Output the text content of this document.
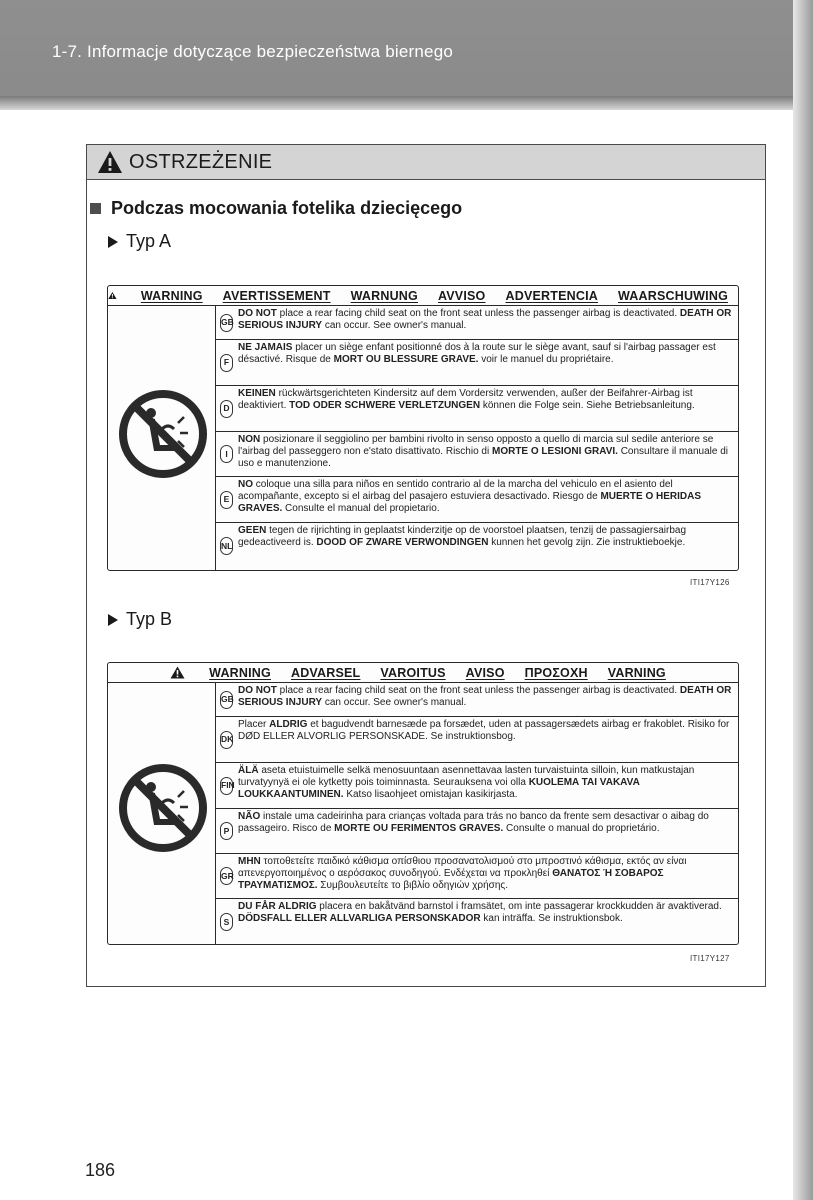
1-7. Informacje dotyczące bezpieczeństwa biernego
OSTRZEŻENIE
Podczas mocowania fotelika dziecięcego
Typ A
WARNING AVERTISSEMENT WARNUNG AVVISO ADVERTENCIA WAARSCHUWING
GB
DO NOT place a rear facing child seat on the front seat unless the passenger airbag is deactivated. DEATH OR SERIOUS INJURY can occur. See owner's manual.
F
NE JAMAIS placer un siège enfant positionné dos à la route sur le siège avant, sauf si l'airbag passager est désactivé. Risque de MORT OU BLESSURE GRAVE. voir le manuel du propriétaire.
D
KEINEN rückwärtsgerichteten Kindersitz auf dem Vordersitz verwenden, außer der Beifahrer-Airbag ist deaktiviert. TOD ODER SCHWERE VERLETZUNGEN können die Folge sein. Siehe Betriebsanleitung.
I
NON posizionare il seggiolino per bambini rivolto in senso opposto a quello di marcia sul sedile anteriore se l'airbag del passeggero non e'stato disattivato. Rischio di MORTE O LESIONI GRAVI. Consultare il manuale di uso e manutenzione.
E
NO coloque una silla para niños en sentido contrario al de la marcha del vehiculo en el asiento del acompañante, excepto si el airbag del pasajero estuviera desactivado. Riesgo de MUERTE O HERIDAS GRAVES. Consulte el manual del propietario.
NL
GEEN tegen de rijrichting in geplaatst kinderzitje op de voorstoel plaatsen, tenzij de passagiersairbag gedeactiveerd is. DOOD OF ZWARE VERWONDINGEN kunnen het gevolg zijn. Zie instruktieboekje.
ITI17Y126
Typ B
WARNING ADVARSEL VAROITUS AVISO ΠΡΟΣΟΧΗ VARNING
GB
DO NOT place a rear facing child seat on the front seat unless the passenger airbag is deactivated. DEATH OR SERIOUS INJURY can occur. See owner's manual.
DK
Placer ALDRIG et bagudvendt barnesæde pa forsædet, uden at passagersædets airbag er frakoblet. Risiko for DØD ELLER ALVORLIG PERSONSKADE. Se instruktionsbog.
FIN
ÄLÄ aseta etuistuimelle selkä menosuuntaan asennettavaa lasten turvaistuinta silloin, kun matkustajan turvatyynyä ei ole kytketty pois toiminnasta. Seurauksena voi olla KUOLEMA TAI VAKAVA LOUKKAANTUMINEN. Katso lisaohjeet omistajan kasikirjasta.
P
NÃO instale uma cadeirinha para crianças voltada para trás no banco da frente sem desactivar o aibag do passageiro. Risco de MORTE OU FERIMENTOS GRAVES. Consulte o manual do proprietário.
GR
ΜΗΝ τοποθετείτε παιδικό κάθισμα οπίσθιου προσανατολισμού στο μπροστινό κάθισμα, εκτός αν είναι απενεργοποιημένος ο αερόσακος συνοδηγού. Ενδέχεται να προκληθεί ΘΑΝΑΤΟΣ Ή ΣΟΒΑΡΟΣ ΤΡΑΥΜΑΤΙΣΜΟΣ. Συμβουλευτείτε το βιβλίο οδηγιών χρήσης.
S
DU FÅR ALDRIG placera en bakåtvänd barnstol i framsätet, om inte passagerar krockkudden är avaktiverad. DÖDSFALL ELLER ALLVARLIGA PERSONSKADOR kan inträffa. Se instruktionsbok.
ITI17Y127
186
